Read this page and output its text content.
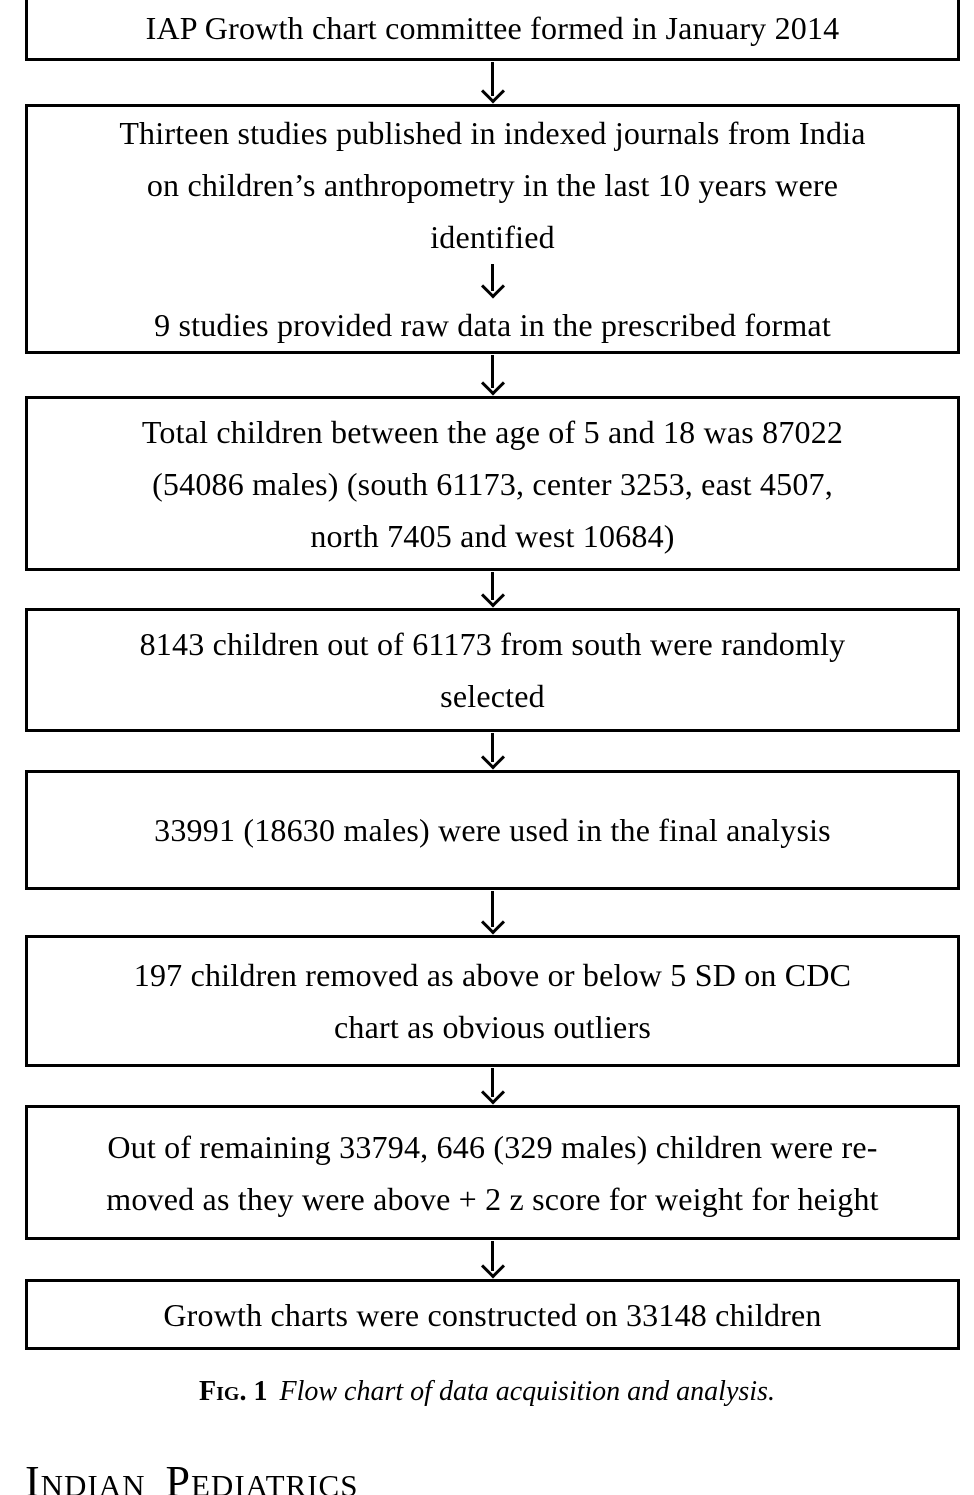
IAP Growth chart committee formed in January 2014
Thirteen studies published in indexed journals from India
on children’s anthropometry in the last 10 years were
identified
9 studies provided raw data in the prescribed format
Total children between the age of 5 and 18 was 87022
(54086 males) (south 61173, center 3253, east 4507,
north 7405 and west 10684)
8143 children out of 61173 from south were randomly
selected
33991 (18630 males) were used in the final analysis
197 children removed as above or below 5 SD on CDC
chart as obvious outliers
Out of remaining 33794, 646 (329 males) children were re-
moved as they were above + 2 z score for weight for height
Growth charts were constructed on 33148 children
Fig. 1 Flow chart of data acquisition and analysis.
Indian Pediatrics
